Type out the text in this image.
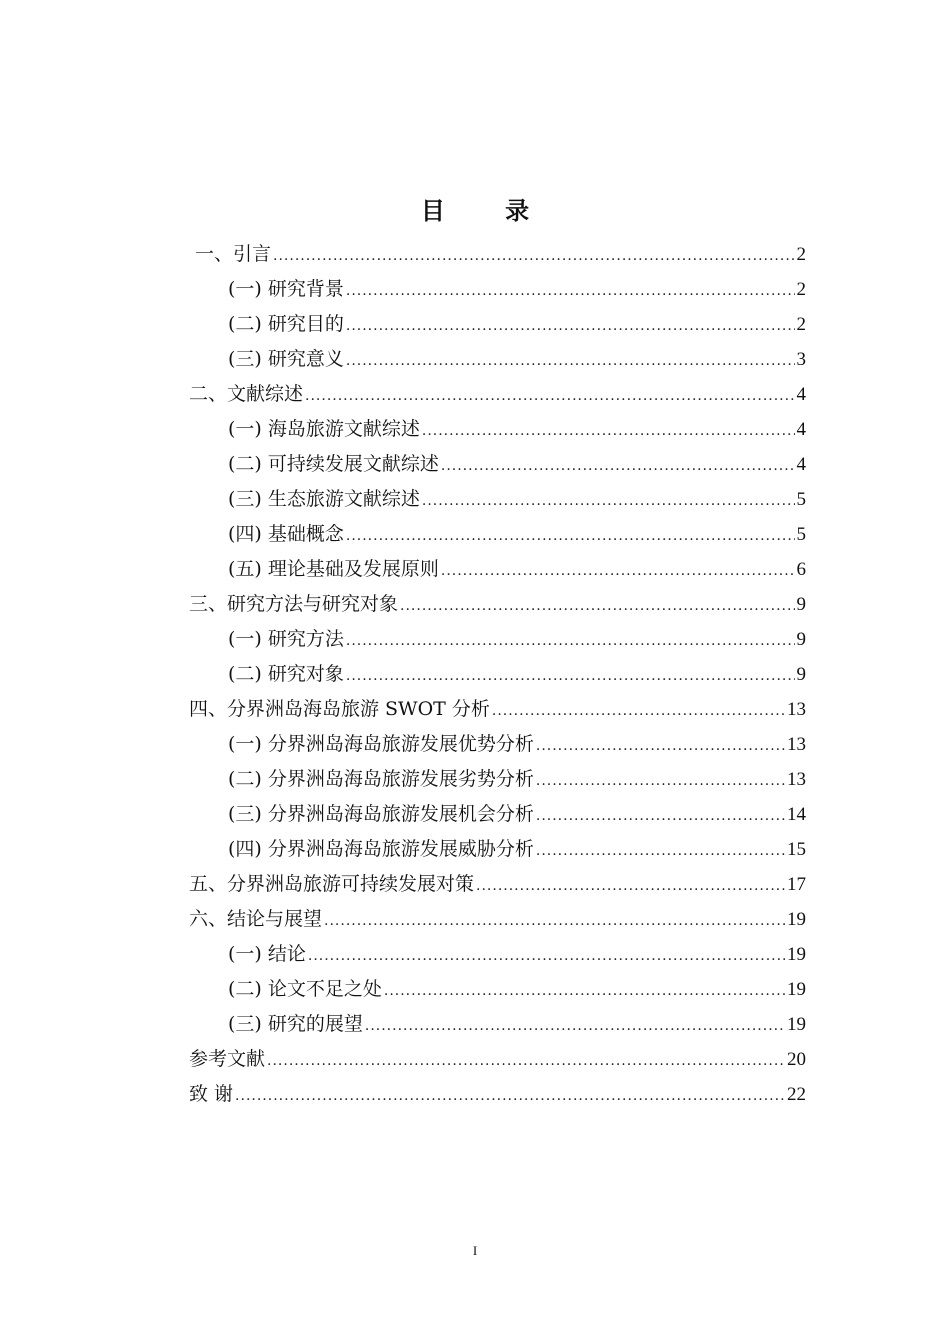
目 录
一、引言 .....	2
(一) 研究背景 .....	2
(二) 研究目的 .....	2
(三) 研究意义 .....	3
二、文献综述 .....	4
(一) 海岛旅游文献综述 .....	4
(二) 可持续发展文献综述 .....	4
(三) 生态旅游文献综述 .....	5
(四) 基础概念 .....	5
(五) 理论基础及发展原则 .....	6
三、研究方法与研究对象 .....	9
(一) 研究方法 .....	9
(二) 研究对象 .....	9
四、分界洲岛海岛旅游 SWOT 分析 .....	13
(一) 分界洲岛海岛旅游发展优势分析 .....	13
(二) 分界洲岛海岛旅游发展劣势分析 .....	13
(三) 分界洲岛海岛旅游发展机会分析 .....	14
(四) 分界洲岛海岛旅游发展威胁分析 .....	15
五、分界洲岛旅游可持续发展对策 .....	17
六、结论与展望 .....	19
(一) 结论 .....	19
(二) 论文不足之处 .....	19
(三) 研究的展望 .....	19
参考文献 .....	20
致 谢 .....	22
I
